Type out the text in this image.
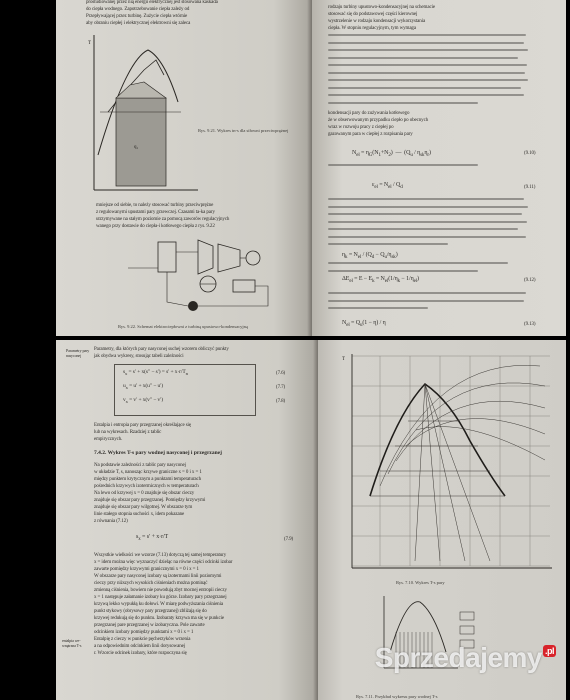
prostudiowanej przez nią energii elektrycznej jest stosowana kaskada
do ciepła wodnego. Zapotrzebowanie ciepła zależy od
Przepływającej przez turbinę. Zużycie ciepła wtórnie
aby obraniu ciepłej i elektrycznej elektrowni się zaleca
q₁
T
Rys. 9.21. Wykres tn-s dla siłowni przeciwprężnej
mniejsze od siebie, to należy stosować turbiny przeciwprężne
z regulowanymi upustami pary grzewczej. Czasami ta-ka pary
utrzymywane na stałym poziomie za pomocą zaworów regulacyjnych
wanego przy dostawie do ciepła-i kotłowego ciepła z rys. 9.22
Rys. 9.22. Schemat elektrociepłowni z turbiną upustowo-kondensacyjną
rodzaju turbiny upustowo-kondensacyjnej na schemacie
stosować się do podstawowej części kierownej
wystrzelenie w rodzaju kondensacji wykorzystania
ciepła. W stopniu regulacyjnym, tym wymaga
kondensacji pary do zużywania kotłowego
że w obserwowanym przypadku ciepło po obecnych
wraz w rozwoju pracy z ciepłej po
gazowanym para w ciepłej z rozpisania pary
$N_{el} = \eta_G(N_1+N_2)$  —  $(Q_u / \eta_{sk}\eta_r)$	(9.10)
$\varepsilon_{el} = N_{el} / Q_d$	(9.11)
$\eta_k = N_{el} / (Q_d - Q_u/\eta_{sk})$
$\Delta E_{el} = E - E_k = N_{el}(1/\eta_k - 1/\eta_{el})$	(9.12)
$N_{el} = Q_u(1 - \eta) / \eta$	(9.13)
Parametry pary nasyconej
Parametry, dla których pary nasyconej suchej wzorem obliczyć punkty
jak obydwa wykresy, stosując tabeli zależności
$s_x = s' + x(s'' - s') = s' + x\cdot r/T_n$
$u_x = u' + x(u'' - u')$
$v_x = v' + x(v'' - v')$
(7.6)
(7.7)
(7.8)
Entalpia i entropia pary przegrzanej określające się
lub na wykresach. Rzadziej z tablic
empirycznych.
7.4.2. Wykres T-s pary wodnej nasyconej i przegrzanej
Na podstawie zależności z tablic pary nasyconej
w układzie T, s, nanosząc krzywe graniczne x = 0 i x = 1
między punktem krytycznym a punktami temperaturach
pośrednich krzywych izotermicznych w temperaturach
Na lewo od krzywej x = 0 znajduje się obszar cieczy
znajduje się obszar pary przegrzanej. Pomiędzy krzywymi
znajduje się obszar pary wilgotnej. W obszarze tym
linie stałego stopnia suchości x, idem pokazane
z równania (7.12)
$s_x = s' + x\cdot r/T$	(7.9)
Wszystkie wielkości we wzorze (7.13) dotyczą tej samej temperatury
x = idem można więc wyznaczyć dzieląc na równe części odcinki izobar
zawarte pomiędzy krzywymi granicznymi x = 0 i x = 1
W obszarze pary nasyconej izobary są izotermami linii poziomymi
cieczy przy niższych wysokich ciśnieniach można pominąć
zmienną ciśnienia, bowiem nie powodują zbyt mocnej entropii cieczy
x = 1 następuje załamanie izobary ku górze. Izobary pary przegrzanej
krzywą lekko wypukłą ku dołowi. W miarę podwyższania ciśnienia
punkt stykowy (obrysowy pary przegrzanej) zbliżają się do
krzywej redukują się do punktu. Izobaraty krzywa ma się w punkcie
przegrzanej pare przegrzanej w izobaryczna. Pole zawarte
odcinkiem izobary pomiędzy punktami x = 0 i x = 1
Entalpię z cieczy w punkcie pęcherzyków wrzenia
a na odpowiednim odcinkiem linii dorysowanej
r. Wzorcie odcinek izobary, które rozpoczyna się
entalpia we-wnętrzna T-s
T
Rys. 7.10. Wykres T-s pary
Rys. 7.11. Przykład wykresu pary wodnej T-s
Sprzedajemy .pl
